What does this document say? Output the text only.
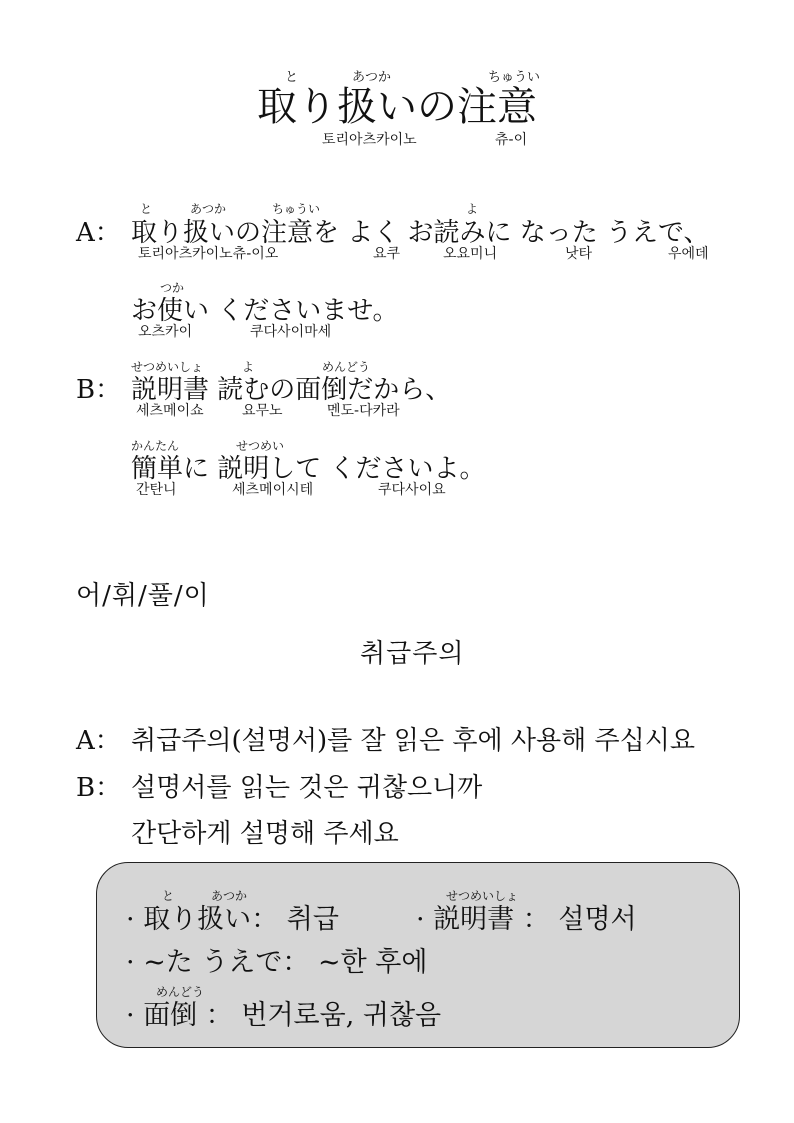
と	あつか	ちゅうい
取り扱いの注意
토리아츠카이노	츄-이
と	あつか	ちゅうい	よ
A： 取り扱いの注意を よく お読みに なった うえで、
토리아츠카이노츄-이오	요쿠	오요미니	낫타	우에데
つか
お使い くださいませ。
오츠카이	쿠다사이마세
せつめいしょ	よ	めんどう
B： 説明書 読むの面倒だから、
세츠메이쇼	요무노	멘도-다카라
かんたん	せつめい
簡単に 説明して くださいよ。
간탄니	세츠메이시테	쿠다사이요
어/휘/풀/이
취급주의
A： 취급주의(설명서)를 잘 읽은 후에 사용해 주십시요
B： 설명서를 읽는 것은 귀찮으니까
간단하게 설명해 주세요
と	あつか
· 取り扱い： 취급
せつめいしょ
· 説明書 ： 설명서
· ~た うえで： ~한 후에
めんどう
· 面倒 ： 번거로움, 귀찮음
